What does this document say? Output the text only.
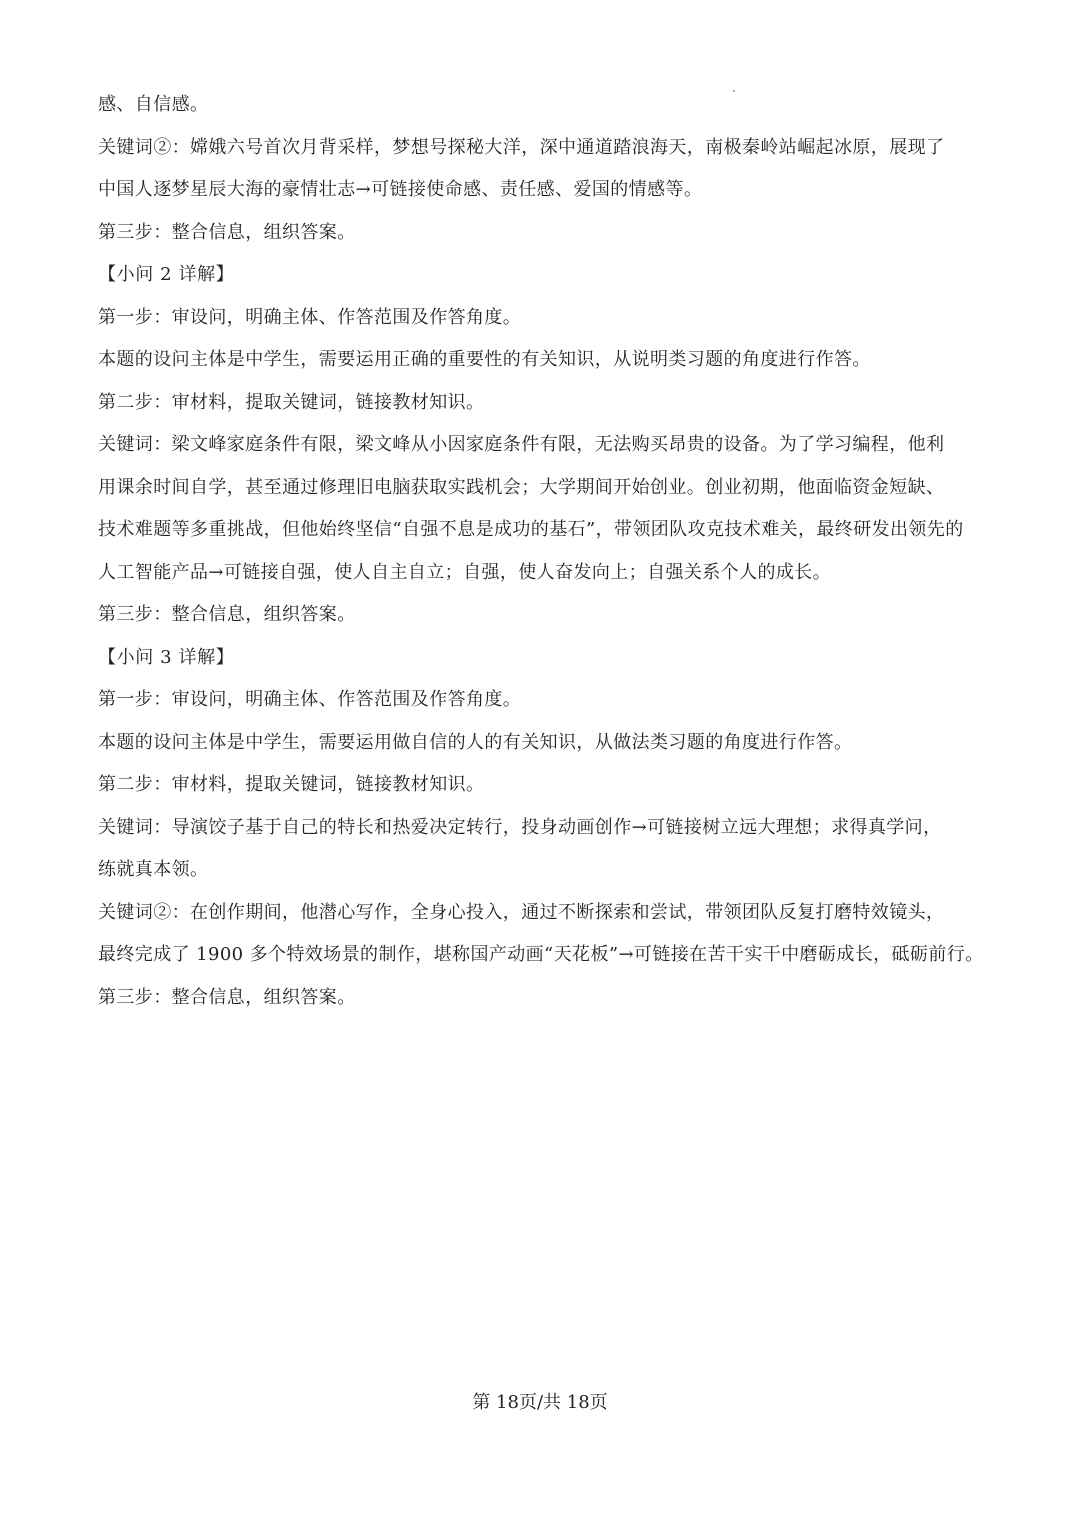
感、自信感。
关键词②：嫦娥六号首次月背采样，梦想号探秘大洋，深中通道踏浪海天，南极秦岭站崛起冰原，展现了
中国人逐梦星辰大海的豪情壮志→可链接使命感、责任感、爱国的情感等。
第三步：整合信息，组织答案。
【小问 2 详解】
第一步：审设问，明确主体、作答范围及作答角度。
本题的设问主体是中学生，需要运用正确的重要性的有关知识，从说明类习题的角度进行作答。
第二步：审材料，提取关键词，链接教材知识。
关键词：梁文峰家庭条件有限，梁文峰从小因家庭条件有限，无法购买昂贵的设备。为了学习编程，他利
用课余时间自学，甚至通过修理旧电脑获取实践机会；大学期间开始创业。创业初期，他面临资金短缺、
技术难题等多重挑战，但他始终坚信“自强不息是成功的基石”，带领团队攻克技术难关，最终研发出领先的
人工智能产品→可链接自强，使人自主自立；自强，使人奋发向上；自强关系个人的成长。
第三步：整合信息，组织答案。
【小问 3 详解】
第一步：审设问，明确主体、作答范围及作答角度。
本题的设问主体是中学生，需要运用做自信的人的有关知识，从做法类习题的角度进行作答。
第二步：审材料，提取关键词，链接教材知识。
关键词：导演饺子基于自己的特长和热爱决定转行，投身动画创作→可链接树立远大理想；求得真学问，
练就真本领。
关键词②：在创作期间，他潜心写作，全身心投入，通过不断探索和尝试，带领团队反复打磨特效镜头，
最终完成了 1900 多个特效场景的制作，堪称国产动画“天花板”→可链接在苦干实干中磨砺成长，砥砺前行。
第三步：整合信息，组织答案。
第 18页/共 18页
